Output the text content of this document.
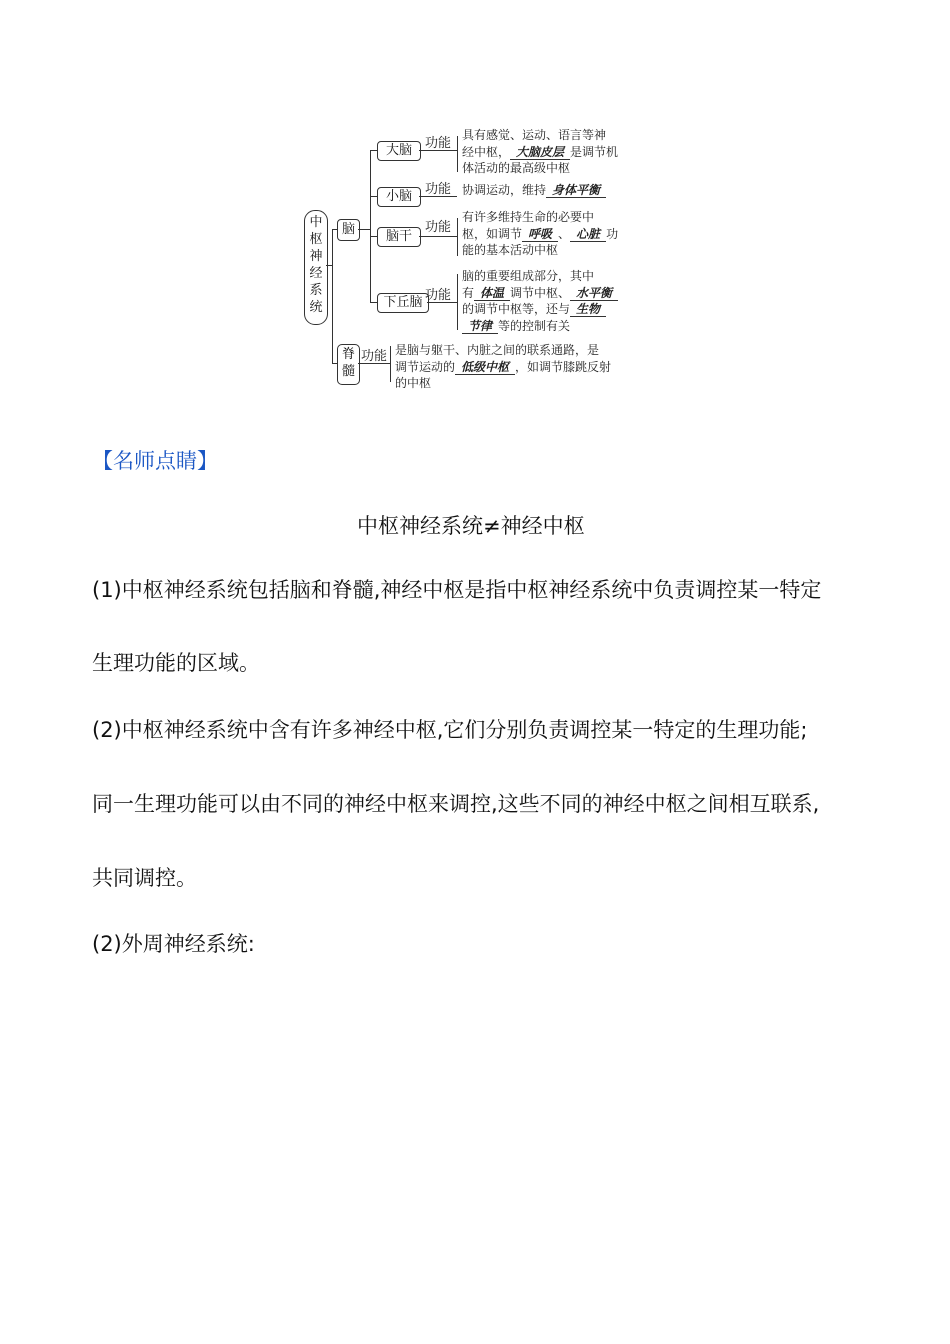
中
枢
神
经
系
统
脑
大脑	功能
具有感觉、运动、语言等神
经中枢， 大脑皮层 是调节机
体活动的最高级中枢
小脑	功能 协调运动，维持 身体平衡
脑干
功能
有许多维持生命的必要中
枢，如调节 呼吸 、 心脏 功
能的基本活动中枢
下丘脑 功能
脑的重要组成部分，其中
有 体温 调节中枢、 水平衡
的调节中枢等，还与 生物
节律 等的控制有关
脊
髓
功能 是脑与躯干、内脏之间的联系通路，是
调节运动的 低级中枢 ，如调节膝跳反射
的中枢
【名师点睛】
中枢神经系统≠神经中枢
(1)中枢神经系统包括脑和脊髓,神经中枢是指中枢神经系统中负责调控某一特定
生理功能的区域。
(2)中枢神经系统中含有许多神经中枢,它们分别负责调控某一特定的生理功能;
同一生理功能可以由不同的神经中枢来调控,这些不同的神经中枢之间相互联系,
共同调控。
(2)外周神经系统:
